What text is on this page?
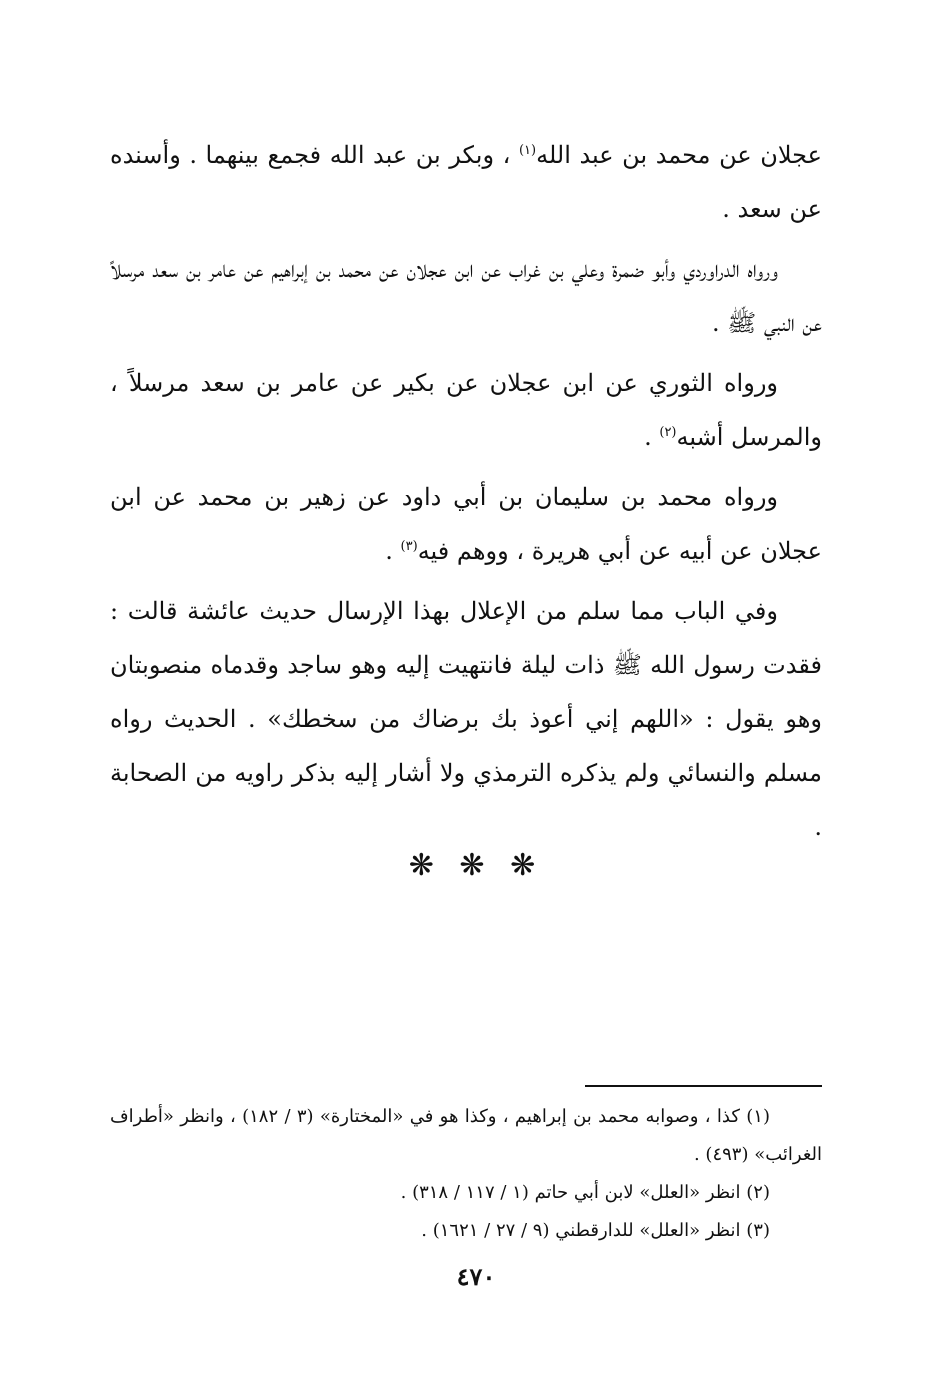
عجلان عن محمد بن عبد الله$^{(١)}$ ، وبكر بن عبد الله فجمع بينهما . وأسنده عن سعد .

ورواه الدراوردي وأبو ضمرة وعلي بن غراب عن ابن عجلان عن محمد بن إبراهيم عن عامر بن سعد مرسلاً عن النبي ﷺ .

ورواه الثوري عن ابن عجلان عن بكير عن عامر بن سعد مرسلاً ، والمرسل أشبه$^{(٢)}$ .

ورواه محمد بن سليمان بن أبي داود عن زهير بن محمد عن ابن عجلان عن أبيه عن أبي هريرة ، ووهم فيه$^{(٣)}$ .

وفي الباب مما سلم من الإعلال بهذا الإرسال حديث عائشة قالت : فقدت رسول الله ﷺ ذات ليلة فانتهيت إليه وهو ساجد وقدماه منصوبتان وهو يقول : «اللهم إني أعوذ بك برضاك من سخطك» . الحديث رواه مسلم والنسائي ولم يذكره الترمذي ولا أشار إليه بذكر راويه من الصحابة .

❋ ❋ ❋

(١) كذا ، وصوابه محمد بن إبراهيم ، وكذا هو في «المختارة» (٣ / ١٨٢) ، وانظر «أطراف الغرائب» (٤٩٣) .

(٢) انظر «العلل» لابن أبي حاتم (١ / ١١٧ / ٣١٨) .

(٣) انظر «العلل» للدارقطني (٩ / ٢٧ / ١٦٢١) .

٤٧٠
